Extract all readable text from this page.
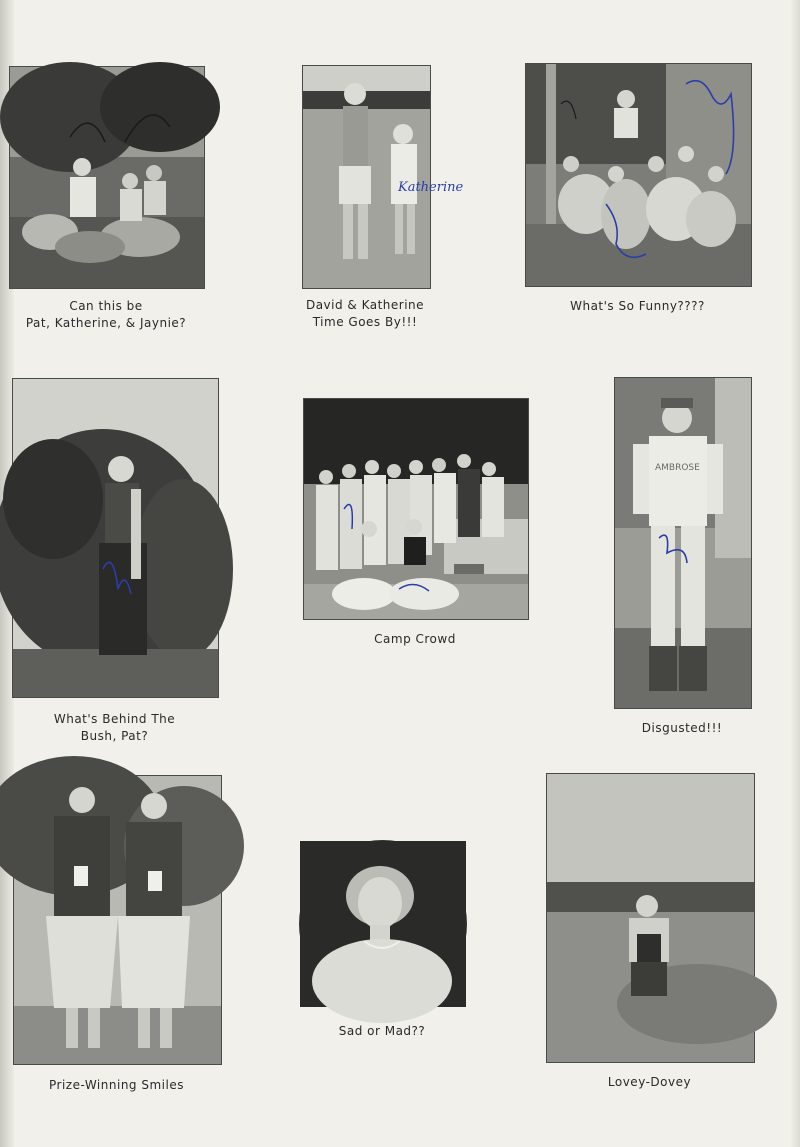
Can this be
Pat, Katherine, & Jaynie?
Katherine
David & Katherine
Time Goes By!!!
What's So Funny????
What's Behind The
Bush, Pat?
Camp Crowd
AMBROSE
Disgusted!!!
Prize-Winning Smiles
Sad or Mad??
Lovey-Dovey
